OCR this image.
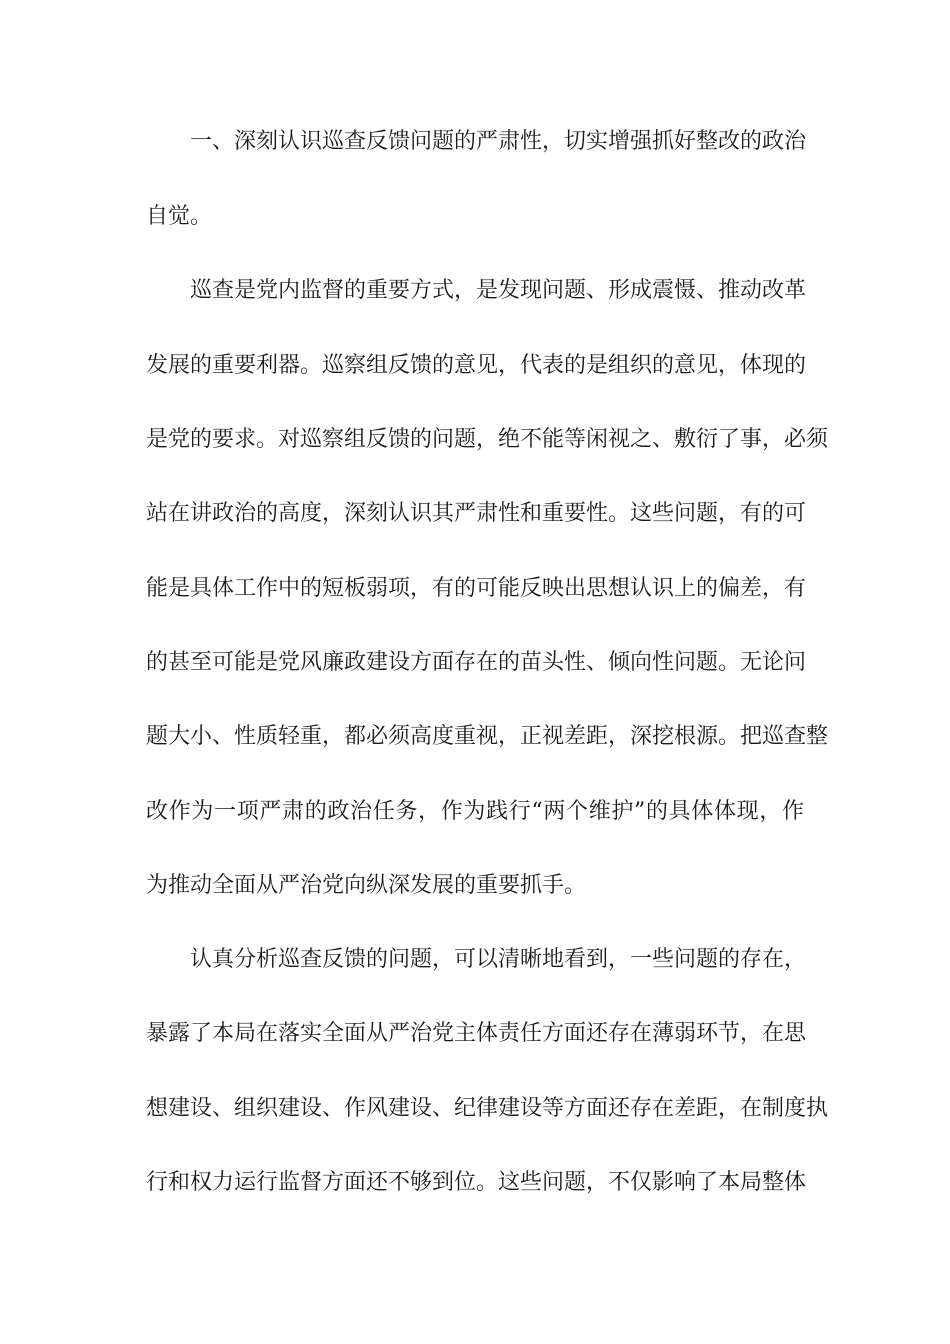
一、深刻认识巡查反馈问题的严肃性，切实增强抓好整改的政治
自觉。
巡查是党内监督的重要方式，是发现问题、形成震慑、推动改革
发展的重要利器。巡察组反馈的意见，代表的是组织的意见，体现的
是党的要求。对巡察组反馈的问题，绝不能等闲视之、敷衍了事，必须
站在讲政治的高度，深刻认识其严肃性和重要性。这些问题，有的可
能是具体工作中的短板弱项，有的可能反映出思想认识上的偏差，有
的甚至可能是党风廉政建设方面存在的苗头性、倾向性问题。无论问
题大小、性质轻重，都必须高度重视，正视差距，深挖根源。把巡查整
改作为一项严肃的政治任务，作为践行“两个维护”的具体体现，作
为推动全面从严治党向纵深发展的重要抓手。
认真分析巡查反馈的问题，可以清晰地看到，一些问题的存在，
暴露了本局在落实全面从严治党主体责任方面还存在薄弱环节，在思
想建设、组织建设、作风建设、纪律建设等方面还存在差距，在制度执
行和权力运行监督方面还不够到位。这些问题，不仅影响了本局整体
